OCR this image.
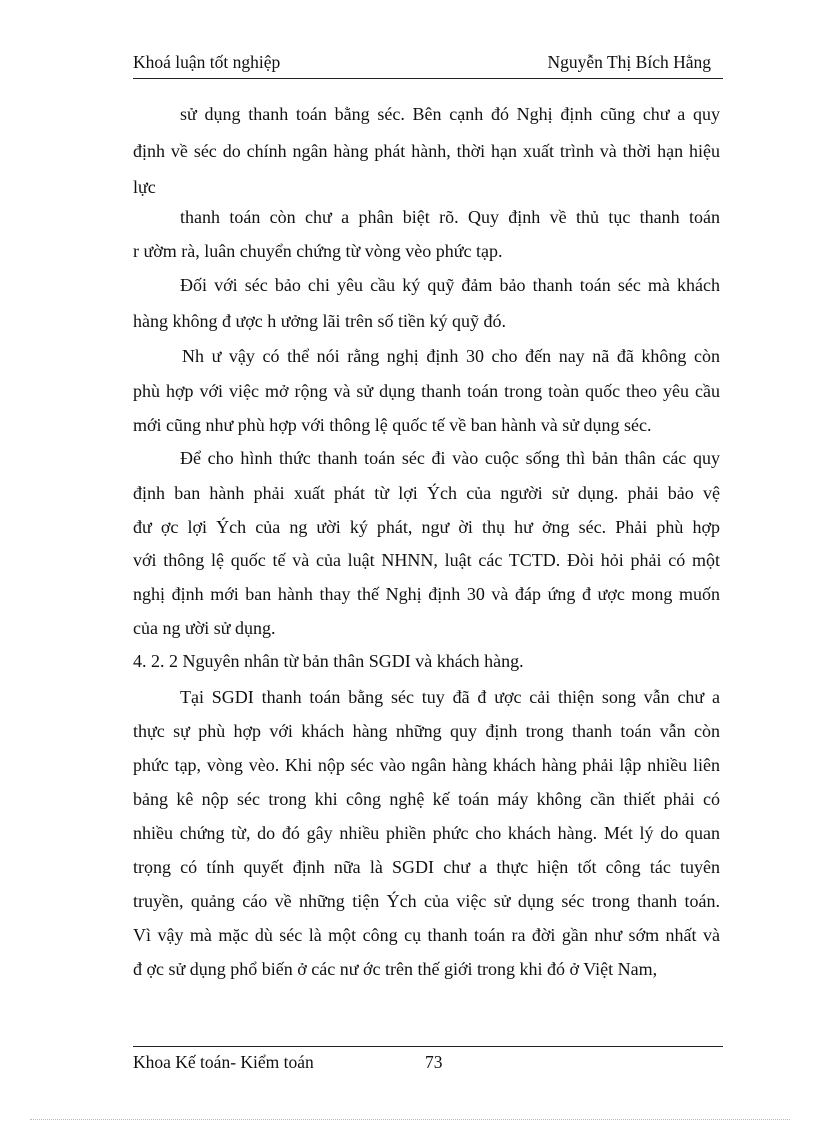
Khoá luận tốt nghiệp	Nguyễn Thị Bích Hằng
sử dụng thanh toán bằng séc. Bên cạnh đó Nghị định cũng chư a quy
định về séc do chính ngân hàng phát hành, thời hạn xuất trình và thời hạn hiệu
lực
thanh toán còn chư a phân biệt rõ. Quy định về thủ tục thanh toán
r ườm rà, luân chuyển chứng từ vòng vèo phức tạp.
Đối với séc bảo chi yêu cầu ký quỹ đảm bảo thanh toán séc mà khách
hàng không đ ược h ưởng lãi trên số tiền ký quỹ đó.
Nh ư vậy có thể nói rằng nghị định 30 cho đến nay nã đã không còn
phù hợp với việc mở rộng và sử dụng thanh toán trong toàn quốc theo yêu cầu
mới cũng như phù hợp với thông lệ quốc tế về ban hành và sử dụng séc.
Để cho hình thức thanh toán séc đi vào cuộc sống thì bản thân các quy
định ban hành phải xuất phát từ lợi Ých của người sử dụng. phải bảo vệ
đư ợc lợi Ých của ng ười ký phát, ngư ời thụ hư ởng séc. Phải phù hợp
với thông lệ quốc tế và của luật NHNN, luật các TCTD. Đòi hỏi phải có một
nghị định mới ban hành thay thế Nghị định 30 và đáp ứng đ ược mong muốn
của ng ười sử dụng.
4. 2. 2 Nguyên nhân từ bản thân SGDI và khách hàng.
Tại SGDI thanh toán bằng séc tuy đã đ ược cải thiện song vẫn chư a
thực sự phù hợp với khách hàng những quy định trong thanh toán vẫn còn
phức tạp, vòng vèo. Khi nộp séc vào ngân hàng khách hàng phải lập nhiều liên
bảng kê nộp séc trong khi công nghệ kế toán máy không cần thiết phải có
nhiều chứng từ, do đó gây nhiều phiền phức cho khách hàng. Mét lý do quan
trọng có tính quyết định nữa là SGDI chư a thực hiện tốt công tác tuyên
truyền, quảng cáo về những tiện Ých của việc sử dụng séc trong thanh toán.
Vì vậy mà mặc dù séc là một công cụ thanh toán ra đời gần như sớm nhất và
đ ợc sử dụng phổ biến ở các nư ớc trên thế giới trong khi đó ở Việt Nam,
Khoa Kế toán- Kiểm toán	73
